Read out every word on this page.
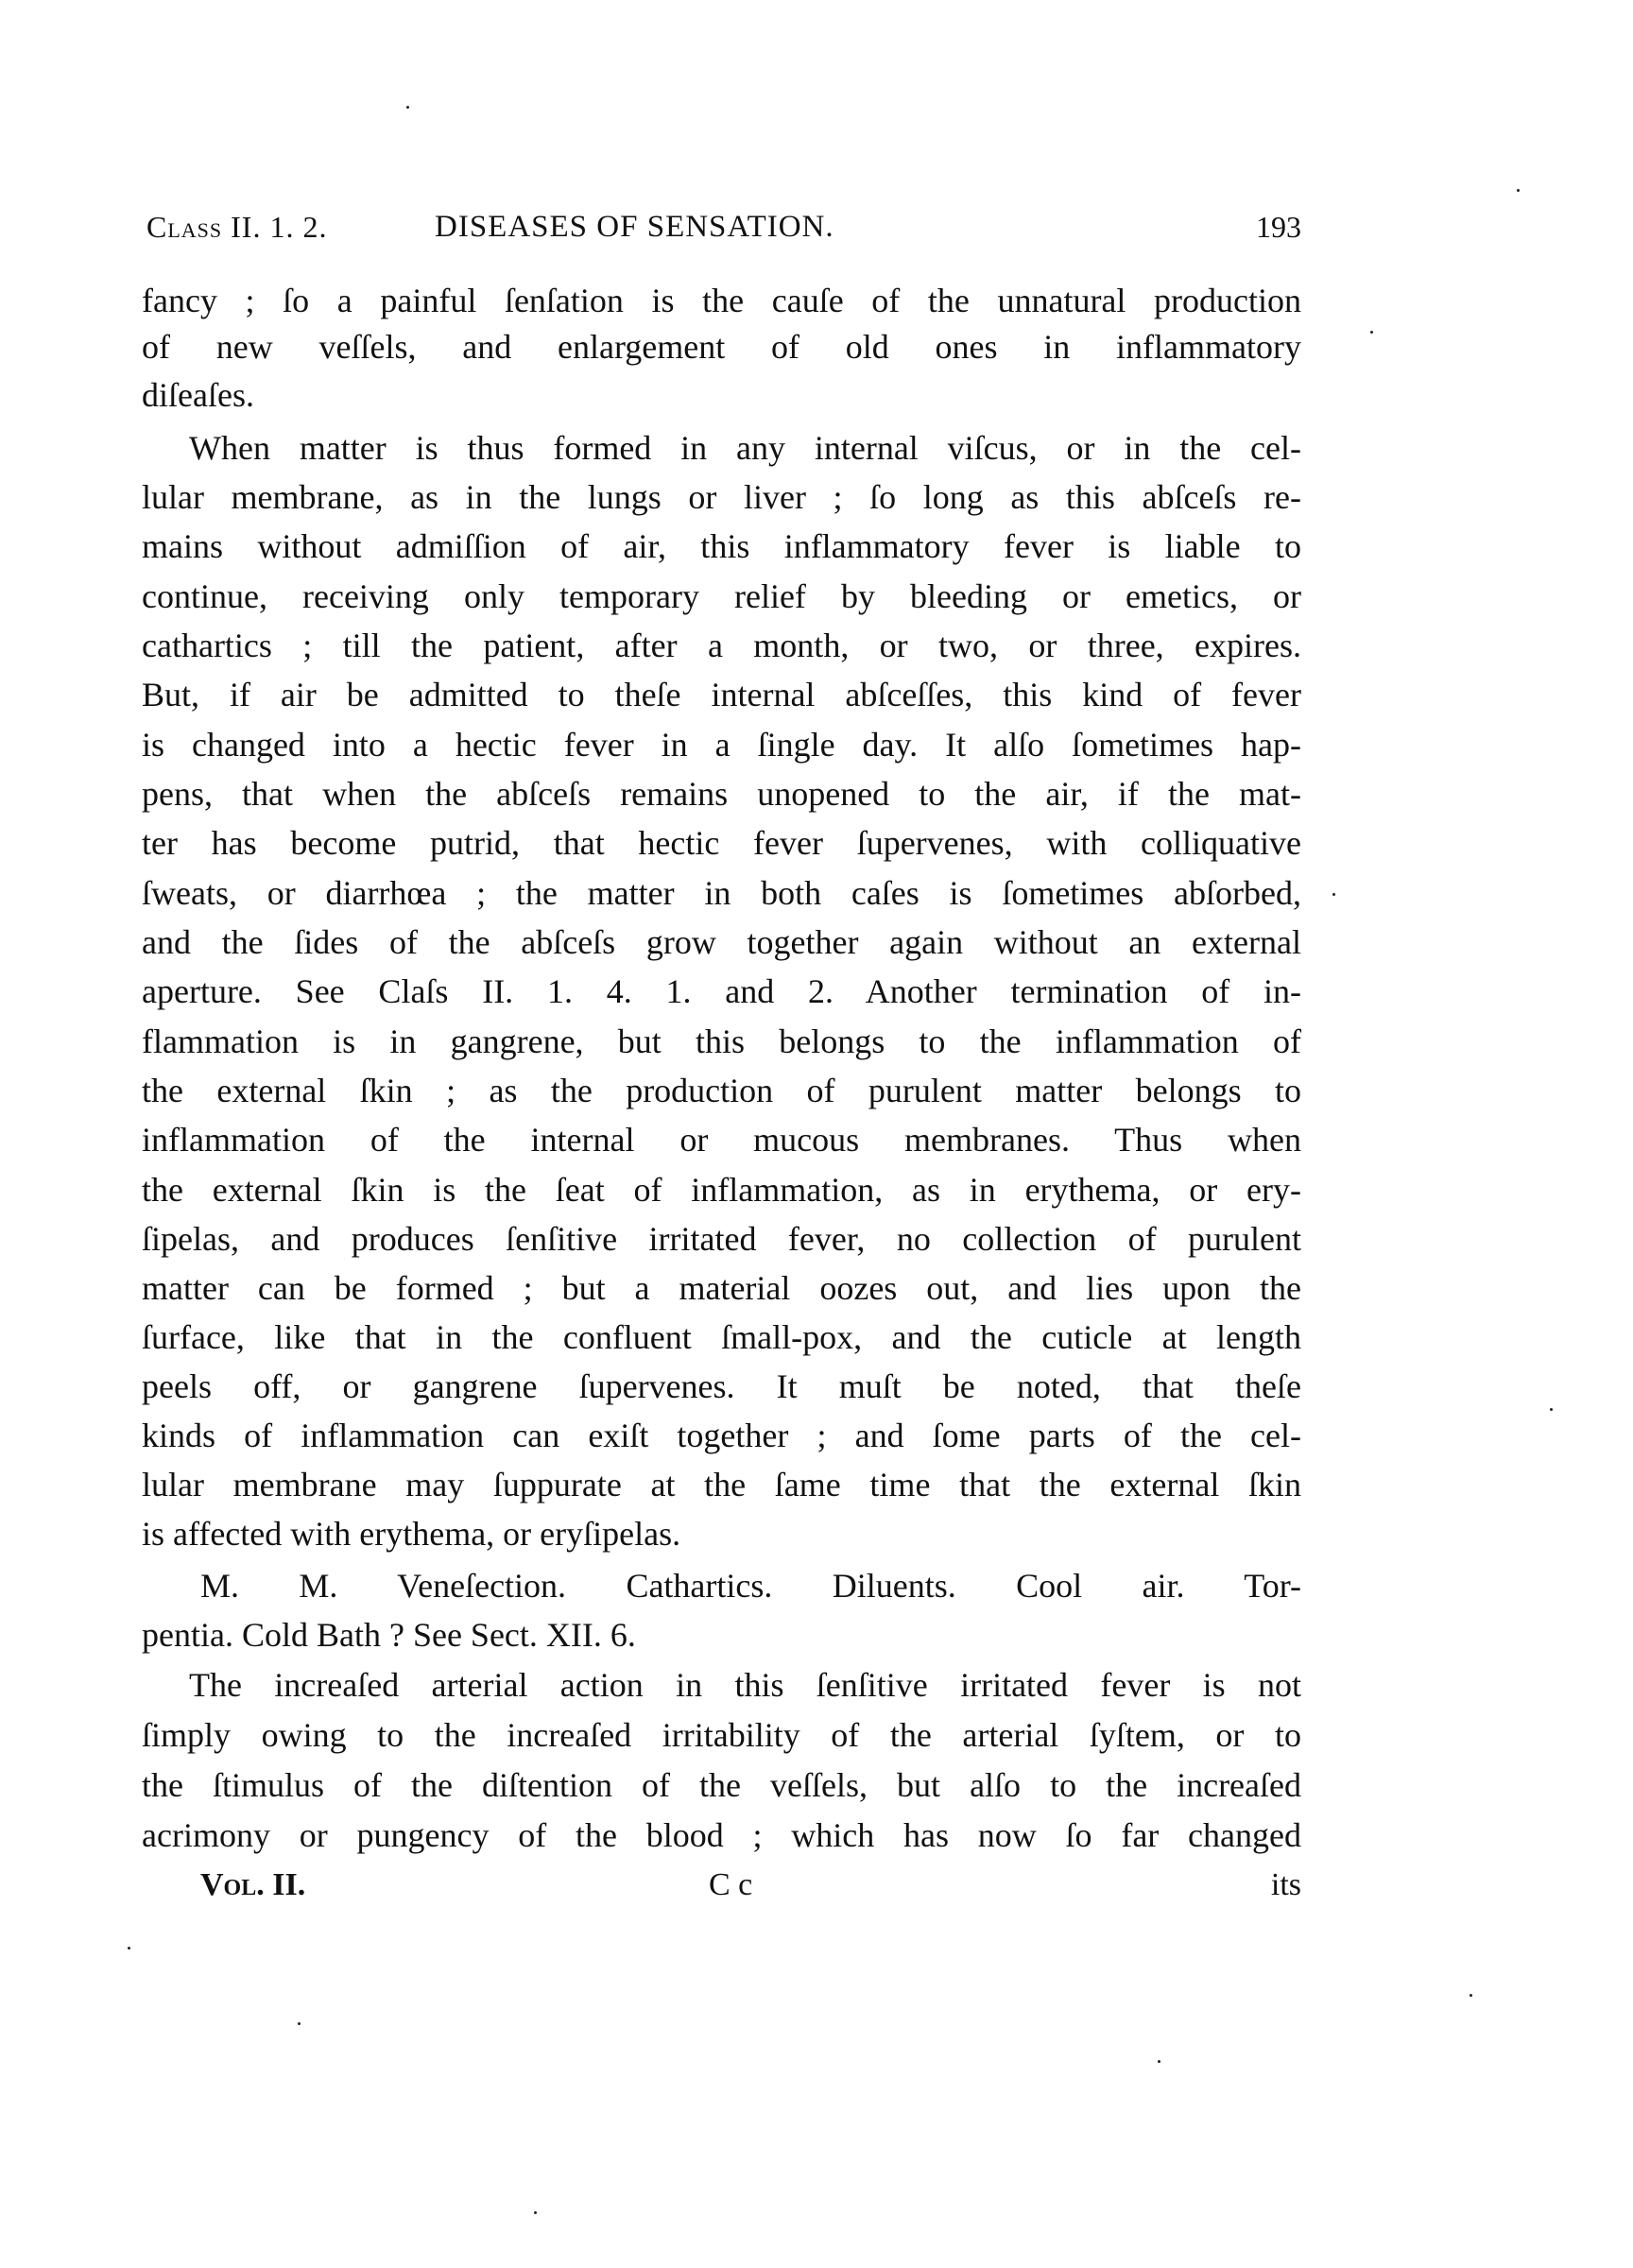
Class II. 1. 2.	DISEASES OF SENSATION.	193
fancy ; ſo a painful ſenſation is the cauſe of the unnatural production
of new veſſels, and enlargement of old ones in inflammatory
diſeaſes.
When matter is thus formed in any internal viſcus, or in the cel-
lular membrane, as in the lungs or liver ; ſo long as this abſceſs re-
mains without admiſſion of air, this inflammatory fever is liable to
continue, receiving only temporary relief by bleeding or emetics, or
cathartics ; till the patient, after a month, or two, or three, expires.
But, if air be admitted to theſe internal abſceſſes, this kind of fever
is changed into a hectic fever in a ſingle day. It alſo ſometimes hap-
pens, that when the abſceſs remains unopened to the air, if the mat-
ter has become putrid, that hectic fever ſupervenes, with colliquative
ſweats, or diarrhœa ; the matter in both caſes is ſometimes abſorbed,
and the ſides of the abſceſs grow together again without an external
aperture. See Claſs II. 1. 4. 1. and 2. Another termination of in-
flammation is in gangrene, but this belongs to the inflammation of
the external ſkin ; as the production of purulent matter belongs to
inflammation of the internal or mucous membranes. Thus when
the external ſkin is the ſeat of inflammation, as in erythema, or ery-
ſipelas, and produces ſenſitive irritated fever, no collection of purulent
matter can be formed ; but a material oozes out, and lies upon the
ſurface, like that in the confluent ſmall-pox, and the cuticle at length
peels off, or gangrene ſupervenes. It muſt be noted, that theſe
kinds of inflammation can exiſt together ; and ſome parts of the cel-
lular membrane may ſuppurate at the ſame time that the external ſkin
is affected with erythema, or eryſipelas.
M. M. Veneſection. Cathartics. Diluents. Cool air. Tor-
pentia. Cold Bath ? See Sect. XII. 6.
The increaſed arterial action in this ſenſitive irritated fever is not
ſimply owing to the increaſed irritability of the arterial ſyſtem, or to
the ſtimulus of the diſtention of the veſſels, but alſo to the increaſed
acrimony or pungency of the blood ; which has now ſo far changed
Vol. II.	C c	its
